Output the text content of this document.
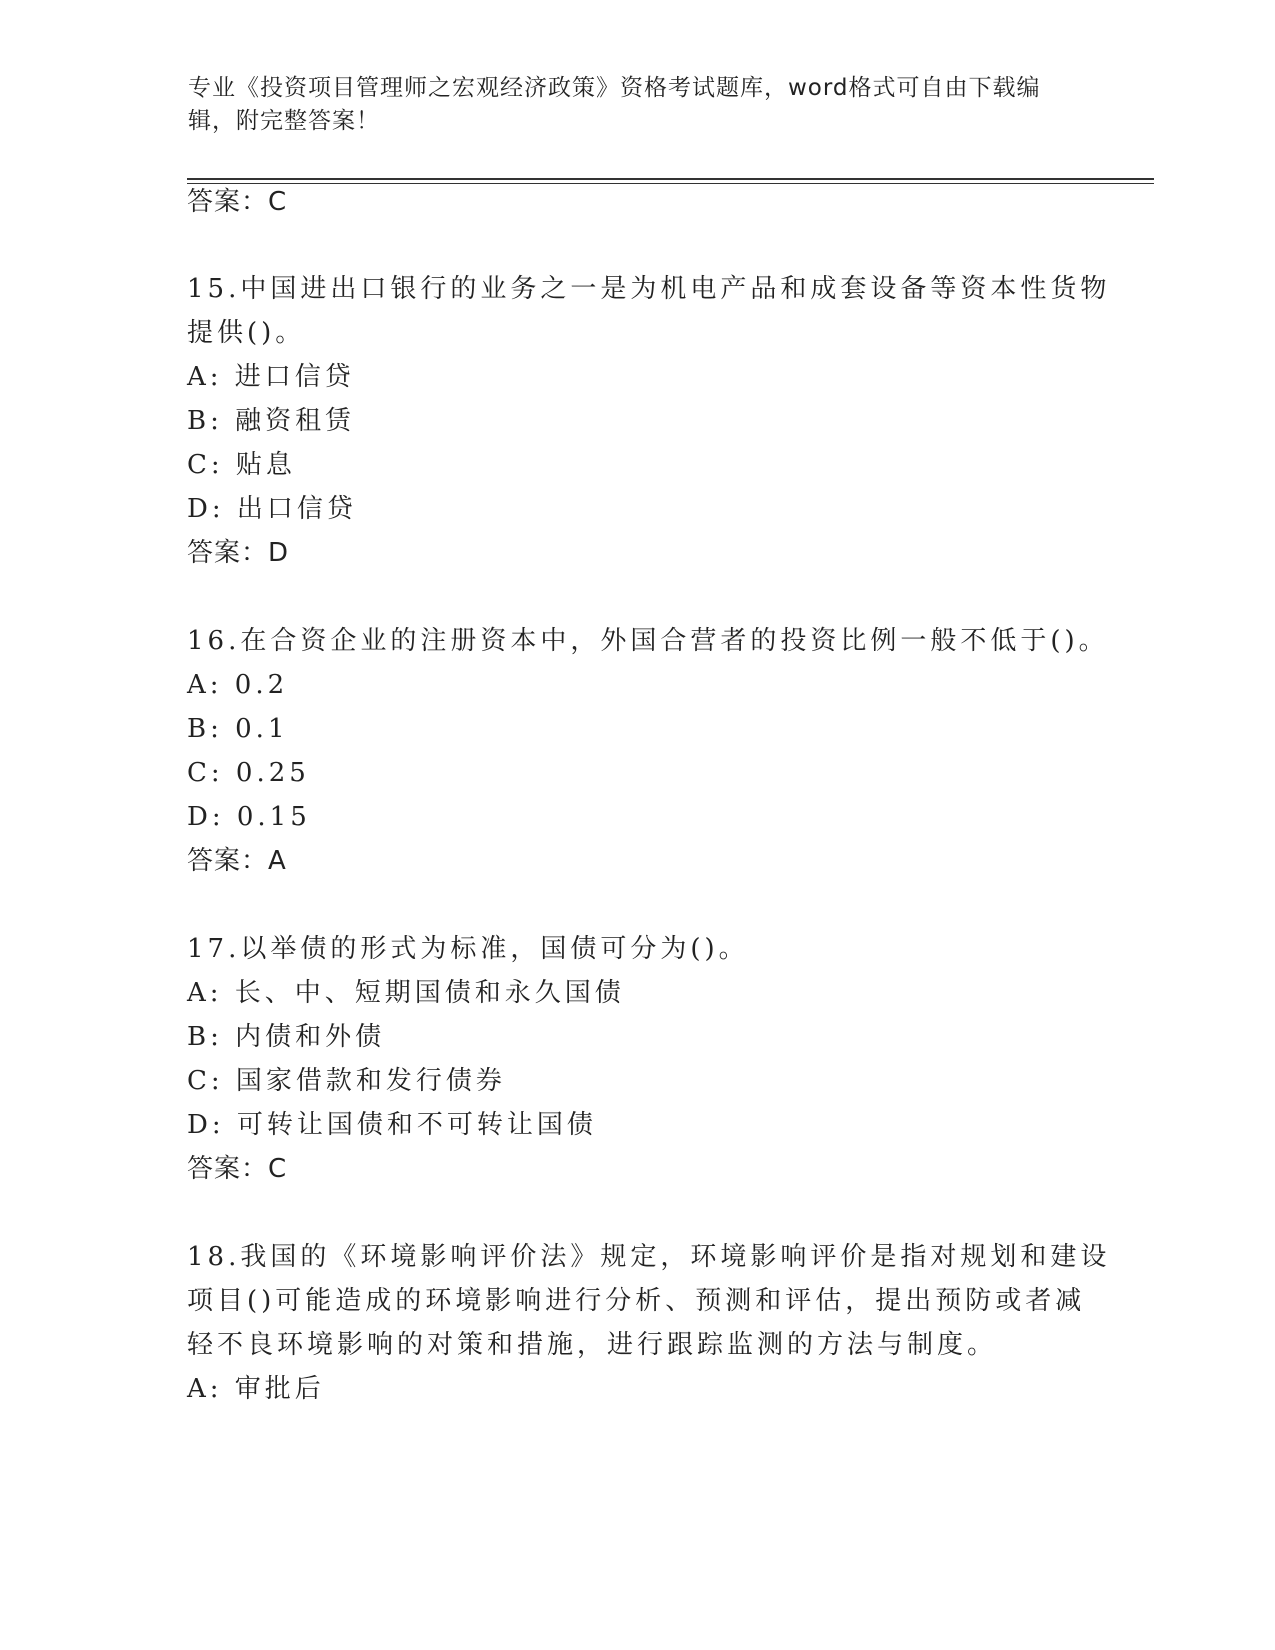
专业《投资项目管理师之宏观经济政策》资格考试题库，word格式可自由下载编辑，附完整答案！
答案：C
15.中国进出口银行的业务之一是为机电产品和成套设备等资本性货物
提供()。
A: 进口信贷
B: 融资租赁
C: 贴息
D: 出口信贷
答案：D
16.在合资企业的注册资本中，外国合营者的投资比例一般不低于()。
A: 0.2
B: 0.1
C: 0.25
D: 0.15
答案：A
17.以举债的形式为标准，国债可分为()。
A: 长、中、短期国债和永久国债
B: 内债和外债
C: 国家借款和发行债券
D: 可转让国债和不可转让国债
答案：C
18.我国的《环境影响评价法》规定，环境影响评价是指对规划和建设
项目()可能造成的环境影响进行分析、预测和评估，提出预防或者减
轻不良环境影响的对策和措施，进行跟踪监测的方法与制度。
A: 审批后
